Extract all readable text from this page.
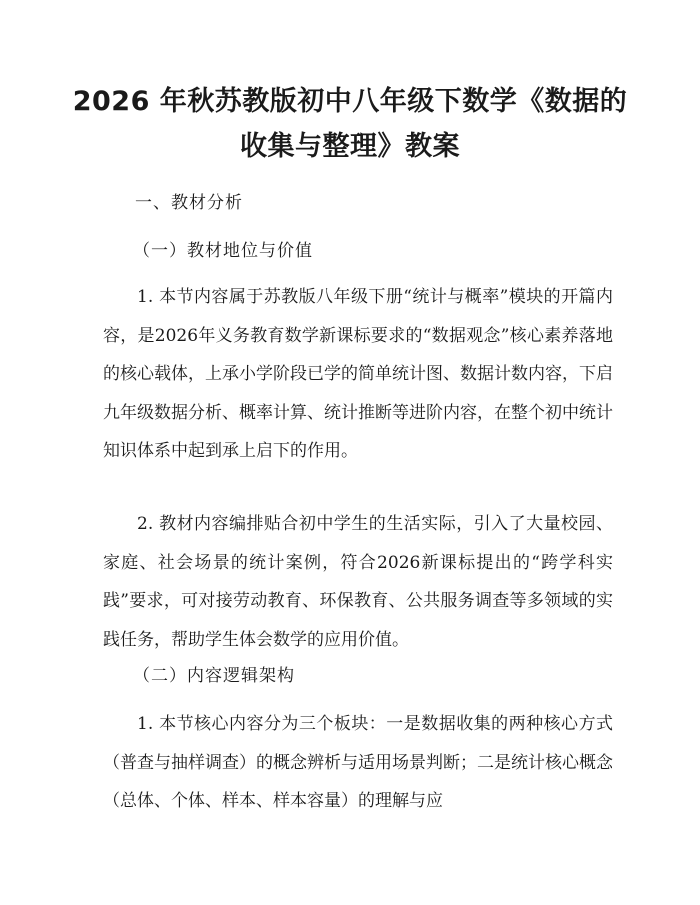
2026 年秋苏教版初中八年级下数学《数据的
收集与整理》教案
一、教材分析
（一）教材地位与价值

1. 本节内容属于苏教版八年级下册“统计与概率”模块的开篇内容，是2026年义务教育数学新课标要求的“数据观念”核心素养落地的核心载体，上承小学阶段已学的简单统计图、数据计数内容，下启九年级数据分析、概率计算、统计推断等进阶内容，在整个初中统计知识体系中起到承上启下的作用。

2. 教材内容编排贴合初中学生的生活实际，引入了大量校园、家庭、社会场景的统计案例，符合2026新课标提出的“跨学科实践”要求，可对接劳动教育、环保教育、公共服务调查等多领域的实践任务，帮助学生体会数学的应用价值。

（二）内容逻辑架构

1. 本节核心内容分为三个板块：一是数据收集的两种核心方式（普查与抽样调查）的概念辨析与适用场景判断；二是统计核心概念（总体、个体、样本、样本容量）的理解与应
